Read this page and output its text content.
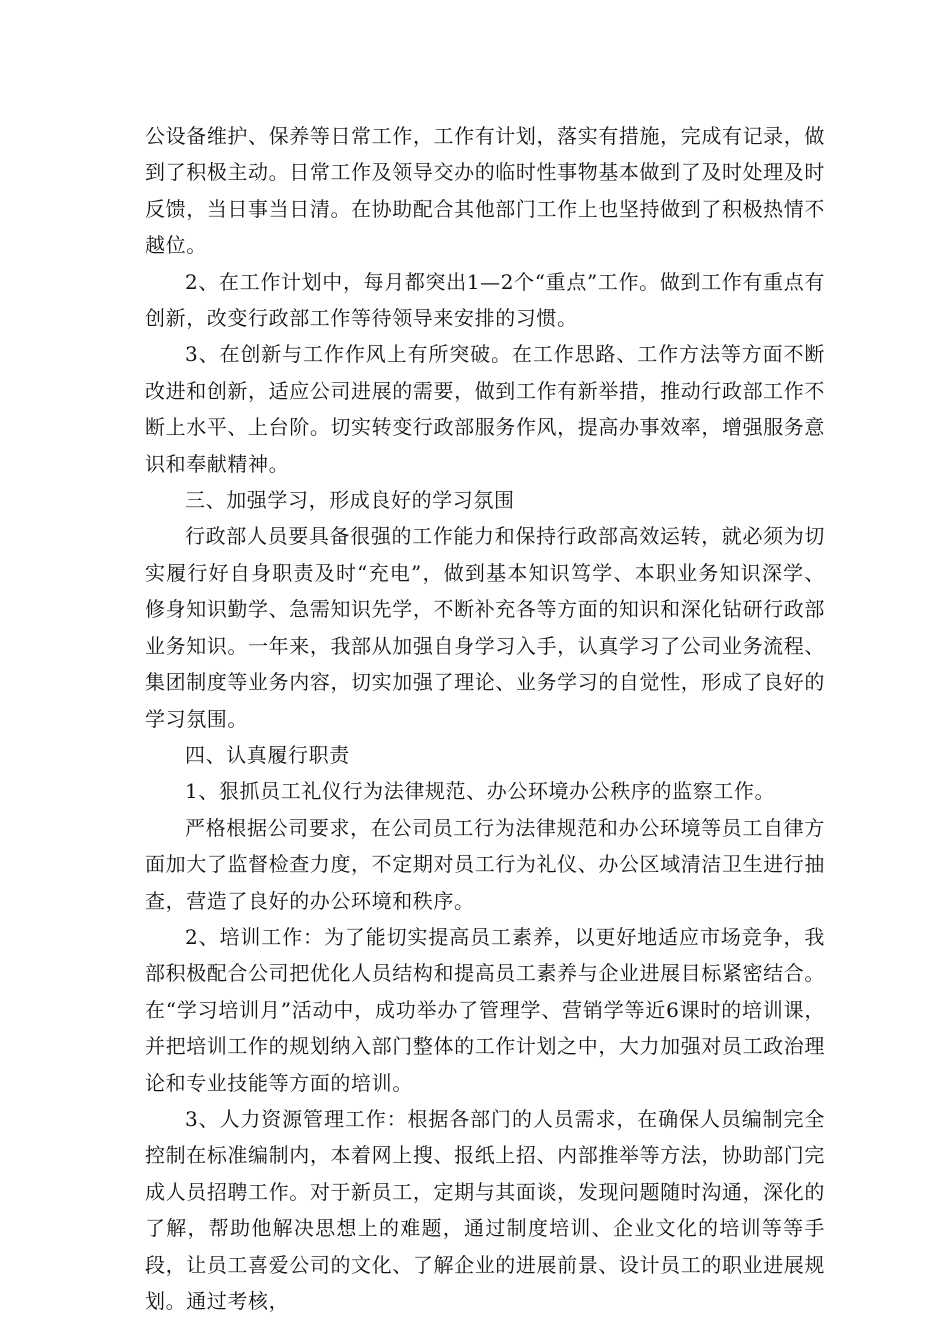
公设备维护、保养等日常工作，工作有计划，落实有措施，完成有记录，做到了积极主动。日常工作及领导交办的临时性事物基本做到了及时处理及时反馈，当日事当日清。在协助配合其他部门工作上也坚持做到了积极热情不越位。

2、在工作计划中，每月都突出1—2个“重点”工作。做到工作有重点有创新，改变行政部工作等待领导来安排的习惯。

3、在创新与工作作风上有所突破。在工作思路、工作方法等方面不断改进和创新，适应公司进展的需要，做到工作有新举措，推动行政部工作不断上水平、上台阶。切实转变行政部服务作风，提高办事效率，增强服务意识和奉献精神。

三、加强学习，形成良好的学习氛围

行政部人员要具备很强的工作能力和保持行政部高效运转，就必须为切实履行好自身职责及时“充电”，做到基本知识笃学、本职业务知识深学、修身知识勤学、急需知识先学，不断补充各等方面的知识和深化钻研行政部业务知识。一年来，我部从加强自身学习入手，认真学习了公司业务流程、集团制度等业务内容，切实加强了理论、业务学习的自觉性，形成了良好的学习氛围。

四、认真履行职责

1、狠抓员工礼仪行为法律规范、办公环境办公秩序的监察工作。

严格根据公司要求，在公司员工行为法律规范和办公环境等员工自律方面加大了监督检查力度，不定期对员工行为礼仪、办公区域清洁卫生进行抽查，营造了良好的办公环境和秩序。

2、培训工作：为了能切实提高员工素养，以更好地适应市场竞争，我部积极配合公司把优化人员结构和提高员工素养与企业进展目标紧密结合。在“学习培训月”活动中，成功举办了管理学、营销学等近6课时的培训课，并把培训工作的规划纳入部门整体的工作计划之中，大力加强对员工政治理论和专业技能等方面的培训。

3、人力资源管理工作：根据各部门的人员需求，在确保人员编制完全控制在标准编制内，本着网上搜、报纸上招、内部推举等方法，协助部门完成人员招聘工作。对于新员工，定期与其面谈，发现问题随时沟通，深化的了解，帮助他解决思想上的难题，通过制度培训、企业文化的培训等等手段，让员工喜爱公司的文化、了解企业的进展前景、设计员工的职业进展规划。通过考核，
